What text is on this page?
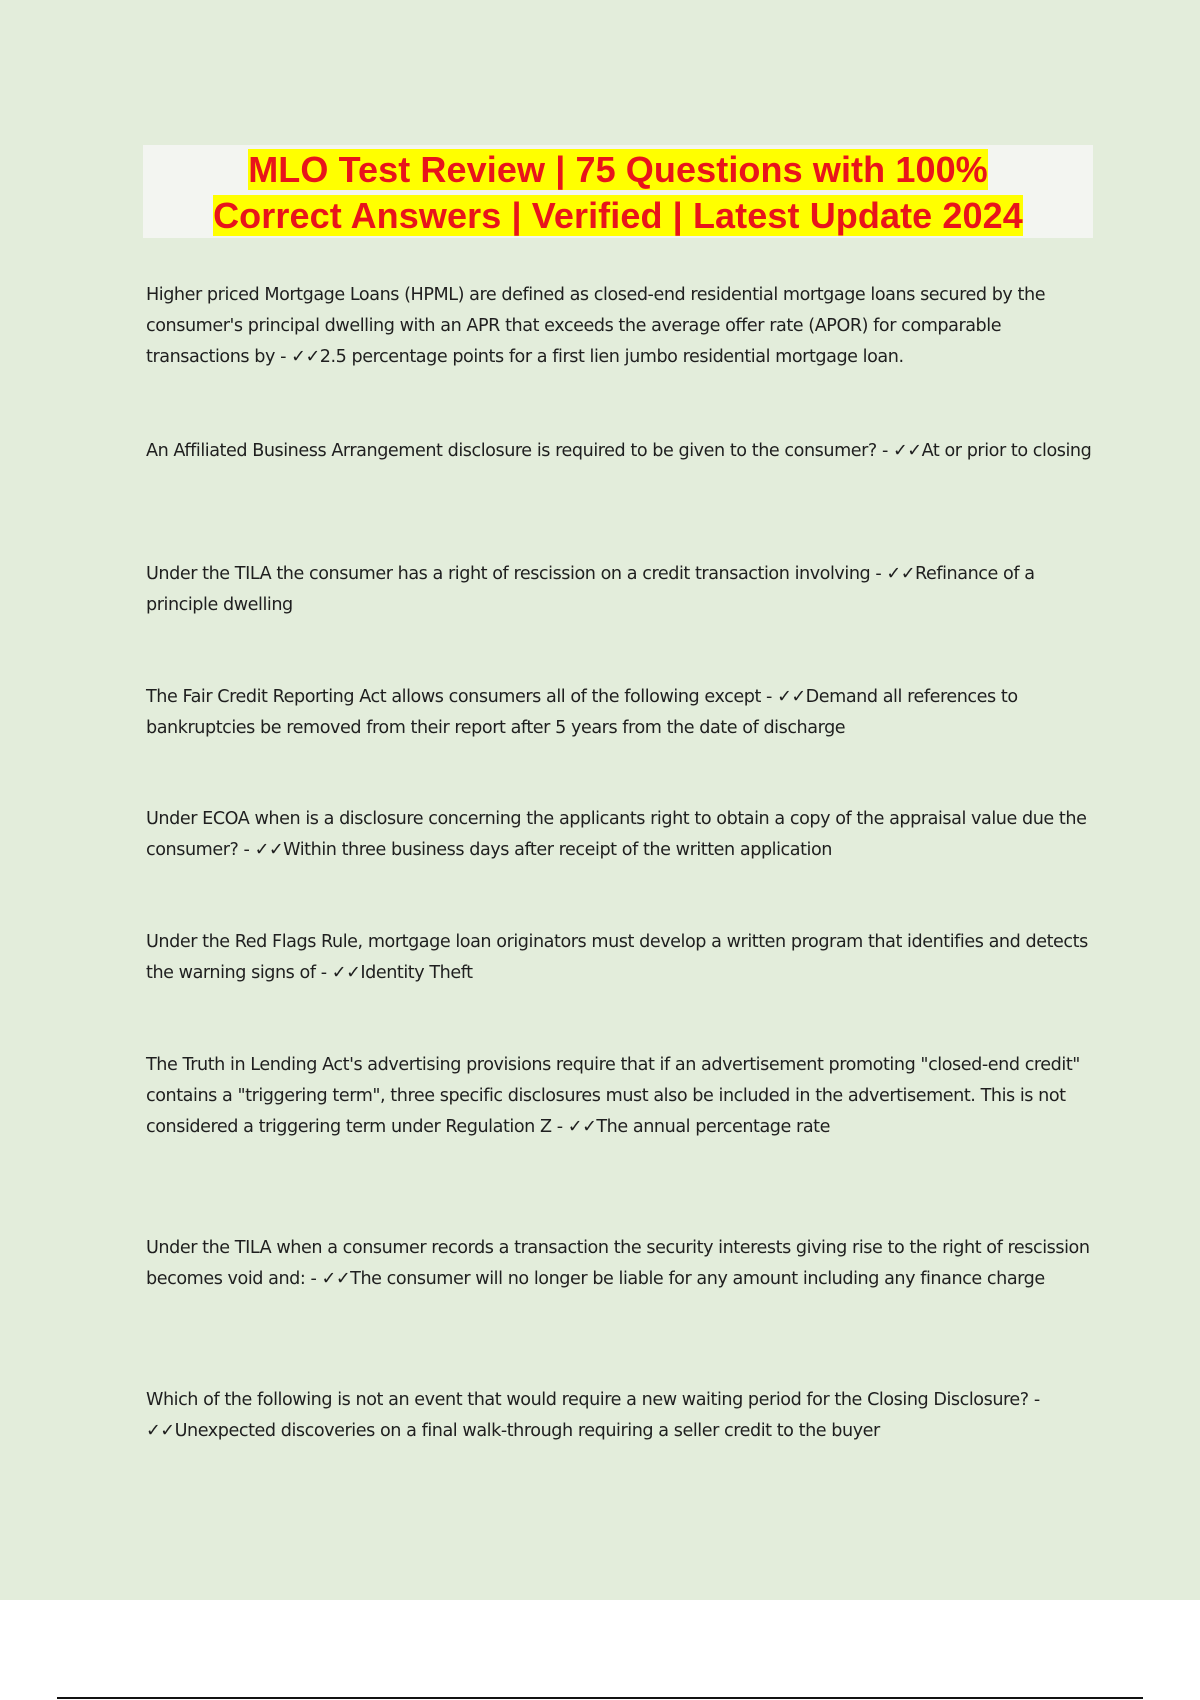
MLO Test Review | 75 Questions with 100%
Correct Answers | Verified | Latest Update 2024

Higher priced Mortgage Loans (HPML) are defined as closed-end residential mortgage loans secured by the consumer's principal dwelling with an APR that exceeds the average offer rate (APOR) for comparable transactions by - ✓✓2.5 percentage points for a first lien jumbo residential mortgage loan.

An Affiliated Business Arrangement disclosure is required to be given to the consumer? - ✓✓At or prior to closing

Under the TILA the consumer has a right of rescission on a credit transaction involving - ✓✓Refinance of a principle dwelling

The Fair Credit Reporting Act allows consumers all of the following except - ✓✓Demand all references to bankruptcies be removed from their report after 5 years from the date of discharge

Under ECOA when is a disclosure concerning the applicants right to obtain a copy of the appraisal value due the consumer? - ✓✓Within three business days after receipt of the written application

Under the Red Flags Rule, mortgage loan originators must develop a written program that identifies and detects the warning signs of - ✓✓Identity Theft

The Truth in Lending Act's advertising provisions require that if an advertisement promoting "closed-end credit" contains a "triggering term", three specific disclosures must also be included in the advertisement. This is not considered a triggering term under Regulation Z - ✓✓The annual percentage rate

Under the TILA when a consumer records a transaction the security interests giving rise to the right of rescission becomes void and: - ✓✓The consumer will no longer be liable for any amount including any finance charge

Which of the following is not an event that would require a new waiting period for the Closing Disclosure? - ✓✓Unexpected discoveries on a final walk-through requiring a seller credit to the buyer
